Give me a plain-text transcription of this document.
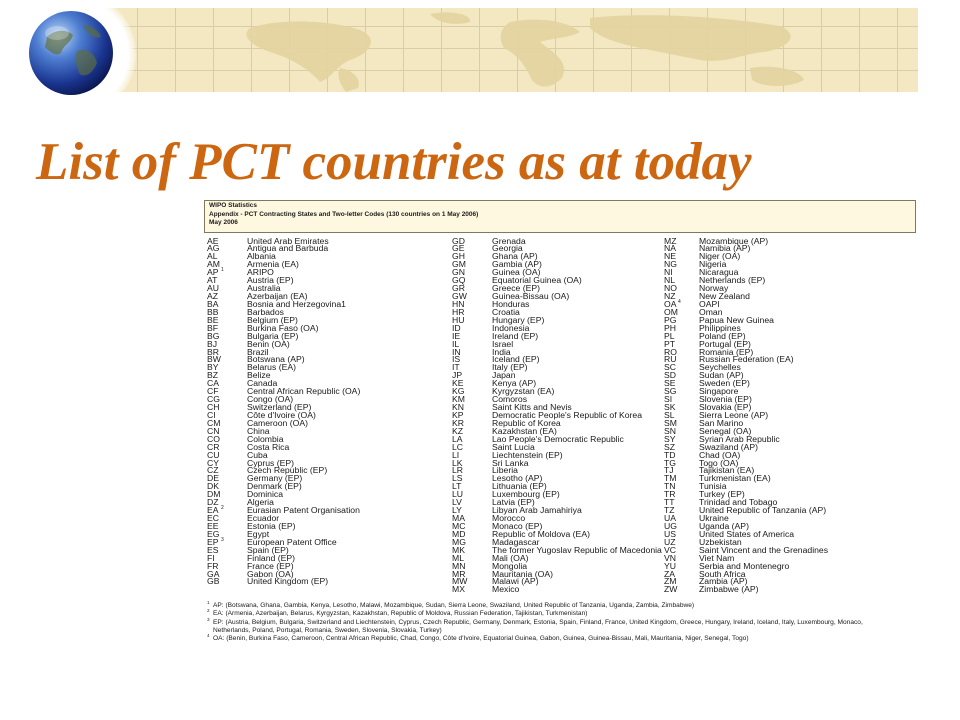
List of PCT countries as at today
WIPO Statistics
Appendix - PCT Contracting States and Two-letter Codes (130 countries on 1 May 2006)
May 2006
AE	United Arab Emirates
AG	Antigua and Barbuda
AL	Albania
AM	Armenia (EA)
AP 1	ARIPO
AT	Austria (EP)
AU	Australia
AZ	Azerbaijan (EA)
BA	Bosnia and Herzegovina1
BB	Barbados
BE	Belgium (EP)
BF	Burkina Faso (OA)
BG	Bulgaria (EP)
BJ	Benin (OA)
BR	Brazil
BW	Botswana (AP)
BY	Belarus (EA)
BZ	Belize
CA	Canada
CF	Central African Republic (OA)
CG	Congo (OA)
CH	Switzerland (EP)
CI	Côte d'Ivoire (OA)
CM	Cameroon (OA)
CN	China
CO	Colombia
CR	Costa Rica
CU	Cuba
CY	Cyprus (EP)
CZ	Czech Republic (EP)
DE	Germany (EP)
DK	Denmark (EP)
DM	Dominica
DZ	Algeria
EA 2	Eurasian Patent Organisation
EC	Ecuador
EE	Estonia (EP)
EG	Egypt
EP 3	European Patent Office
ES	Spain (EP)
FI	Finland (EP)
FR	France (EP)
GA	Gabon (OA)
GB	United Kingdom (EP)
GD	Grenada
GE	Georgia
GH	Ghana (AP)
GM	Gambia (AP)
GN	Guinea (OA)
GQ	Equatorial Guinea (OA)
GR	Greece (EP)
GW	Guinea-Bissau (OA)
HN	Honduras
HR	Croatia
HU	Hungary (EP)
ID	Indonesia
IE	Ireland (EP)
IL	Israel
IN	India
IS	Iceland (EP)
IT	Italy (EP)
JP	Japan
KE	Kenya (AP)
KG	Kyrgyzstan (EA)
KM	Comoros
KN	Saint Kitts and Nevis
KP	Democratic People's Republic of Korea
KR	Republic of Korea
KZ	Kazakhstan (EA)
LA	Lao People's Democratic Republic
LC	Saint Lucia
LI	Liechtenstein (EP)
LK	Sri Lanka
LR	Liberia
LS	Lesotho (AP)
LT	Lithuania (EP)
LU	Luxembourg (EP)
LV	Latvia (EP)
LY	Libyan Arab Jamahiriya
MA	Morocco
MC	Monaco (EP)
MD	Republic of Moldova (EA)
MG	Madagascar
MK	The former Yugoslav Republic of Macedonia
ML	Mali (OA)
MN	Mongolia
MR	Mauritania (OA)
MW	Malawi (AP)
MX	Mexico
MZ	Mozambique (AP)
NA	Namibia (AP)
NE	Niger (OA)
NG	Nigeria
NI	Nicaragua
NL	Netherlands (EP)
NO	Norway
NZ	New Zealand
OA 4 OAPI
OM	Oman
PG	Papua New Guinea
PH	Philippines
PL	Poland (EP)
PT	Portugal (EP)
RO	Romania (EP)
RU	Russian Federation (EA)
SC	Seychelles
SD	Sudan (AP)
SE	Sweden (EP)
SG	Singapore
SI	Slovenia (EP)
SK	Slovakia (EP)
SL	Sierra Leone (AP)
SM	San Marino
SN	Senegal (OA)
SY	Syrian Arab Republic
SZ	Swaziland (AP)
TD	Chad (OA)
TG	Togo (OA)
TJ	Tajikistan (EA)
TM	Turkmenistan (EA)
TN	Tunisia
TR	Turkey (EP)
TT	Trinidad and Tobago
TZ	United Republic of Tanzania (AP)
UA	Ukraine
UG	Uganda (AP)
US	United States of America
UZ	Uzbekistan
VC	Saint Vincent and the Grenadines
VN	Viet Nam
YU	Serbia and Montenegro
ZA	South Africa
ZM	Zambia (AP)
ZW	Zimbabwe (AP)
1 AP: (Botswana, Ghana, Gambia, Kenya, Lesotho, Malawi, Mozambique, Sudan, Sierra Leone, Swaziland, United Republic of Tanzania, Uganda, Zambia, Zimbabwe)
2 EA: (Armenia, Azerbaijan, Belarus, Kyrgyzstan, Kazakhstan, Republic of Moldova, Russian Federation, Tajikistan, Turkmenistan)
3 EP: (Austria, Belgium, Bulgaria, Switzerland and Liechtenstein, Cyprus, Czech Republic, Germany, Denmark, Estonia, Spain, Finland, France, United Kingdom, Greece, Hungary, Ireland, Iceland, Italy, Luxembourg, Monaco,
Netherlands, Poland, Portugal, Romania, Sweden, Slovenia, Slovakia, Turkey)
4 OA: (Benin, Burkina Faso, Cameroon, Central African Republic, Chad, Congo, Côte d'Ivoire, Equatorial Guinea, Gabon, Guinea, Guinea-Bissau, Mali, Mauritania, Niger, Senegal, Togo)
